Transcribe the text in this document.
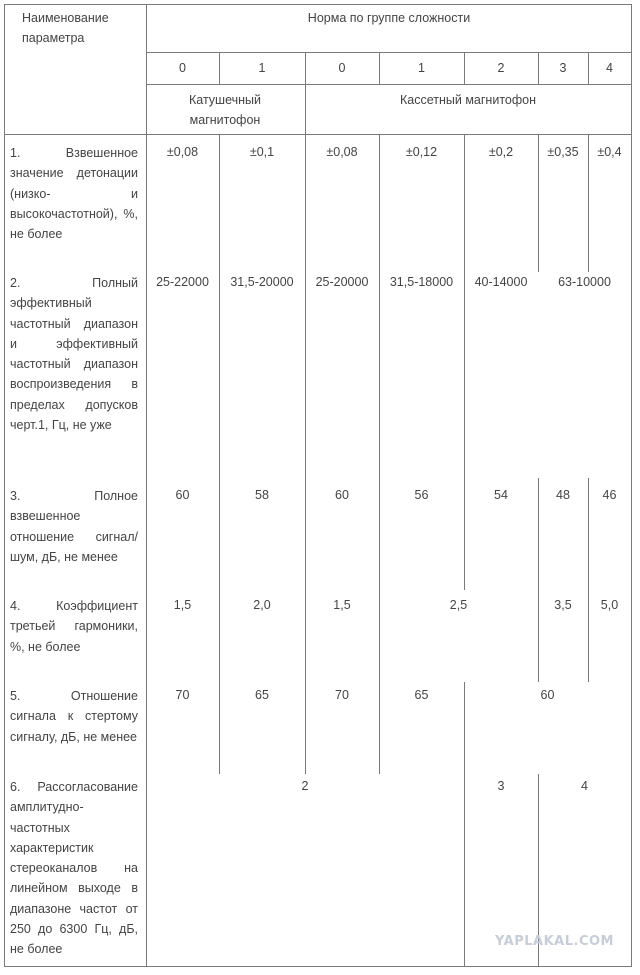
Наименование параметра
Норма по группе сложности
0	1	0	1	2	3	4
Катушечный магнитофон
Кассетный магнитофон
1. Взвешенное значение детонации (низко- и высокочастотной), %, не более
±0,08	±0,1	±0,08	±0,12	±0,2	±0,35	±0,4
2. Полный эффективный частотный диапазон и эффективный частотный диапазон воспроизведения в пределах допусков черт.1, Гц, не уже
25-22000	31,5-20000	25-20000	31,5-18000	40-14000	63-10000
3. Полное взвешенное отношение сигнал/шум, дБ, не менее
60	58	60	56	54	48	46
4. Коэффициент третьей гармоники, %, не более
1,5	2,0	1,5	2,5	3,5	5,0
5. Отношение сигнала к стертому сигналу, дБ, не менее
70	65	70	65	60
6. Рассогласование амплитудно-частотных характеристик стереоканалов на линейном выходе в диапазоне частот от 250 до 6300 Гц, дБ, не более
2	3	4
YAPLAKAL.COM
